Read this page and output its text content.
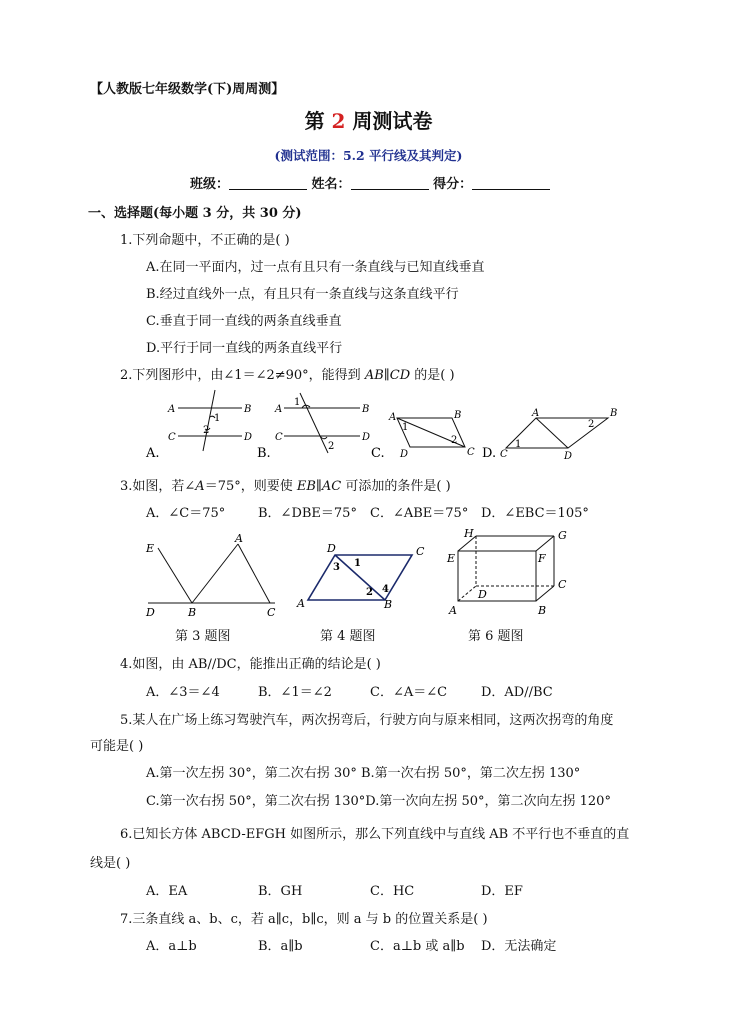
【人教版七年级数学(下)周周测】
第 2 周测试卷
(测试范围：5.2 平行线及其判定)
班级：	姓名：	得分：
一、选择题(每小题 3 分，共 30 分)
1.下列命题中，不正确的是( )
A.在同一平面内，过一点有且只有一条直线与已知直线垂直
B.经过直线外一点，有且只有一条直线与这条直线平行
C.垂直于同一直线的两条直线垂直
D.平行于同一直线的两条直线平行
2.下列图形中，由∠1＝∠2≠90°，能得到 AB∥CD 的是( )
A	B
C	D
1
2
A.
1
A	B
C	D
2
B.
A	B
C
D
1
2
C.
A	B
C	D
1
2
D.
3.如图，若∠A＝75°，则要使 EB∥AC 可添加的条件是( )
A．∠C＝75°	B．∠DBE＝75° C．∠ABE＝75° D．∠EBC＝105°
E
A
D	B	C
D	C
A	B
3 1
2 4
H	G
E	F
C
D
A	B
第 3 题图	第 4 题图	第 6 题图
4.如图，由 AB//DC，能推出正确的结论是( )
A．∠3＝∠4	B．∠1＝∠2	C．∠A＝∠C	D．AD//BC
5.某人在广场上练习驾驶汽车，两次拐弯后，行驶方向与原来相同，这两次拐弯的角度
可能是( )
A.第一次左拐 30°，第二次右拐 30° B.第一次右拐 50°，第二次左拐 130°
C.第一次右拐 50°，第二次右拐 130°D.第一次向左拐 50°，第二次向左拐 120°
6.已知长方体 ABCD-EFGH 如图所示，那么下列直线中与直线 AB 不平行也不垂直的直
线是( )
A．EA	B．GH	C．HC	D．EF
7.三条直线 a、b、c，若 a∥c，b∥c，则 a 与 b 的位置关系是( )
A．a⊥b	B．a∥b	C．a⊥b 或 a∥b D．无法确定
